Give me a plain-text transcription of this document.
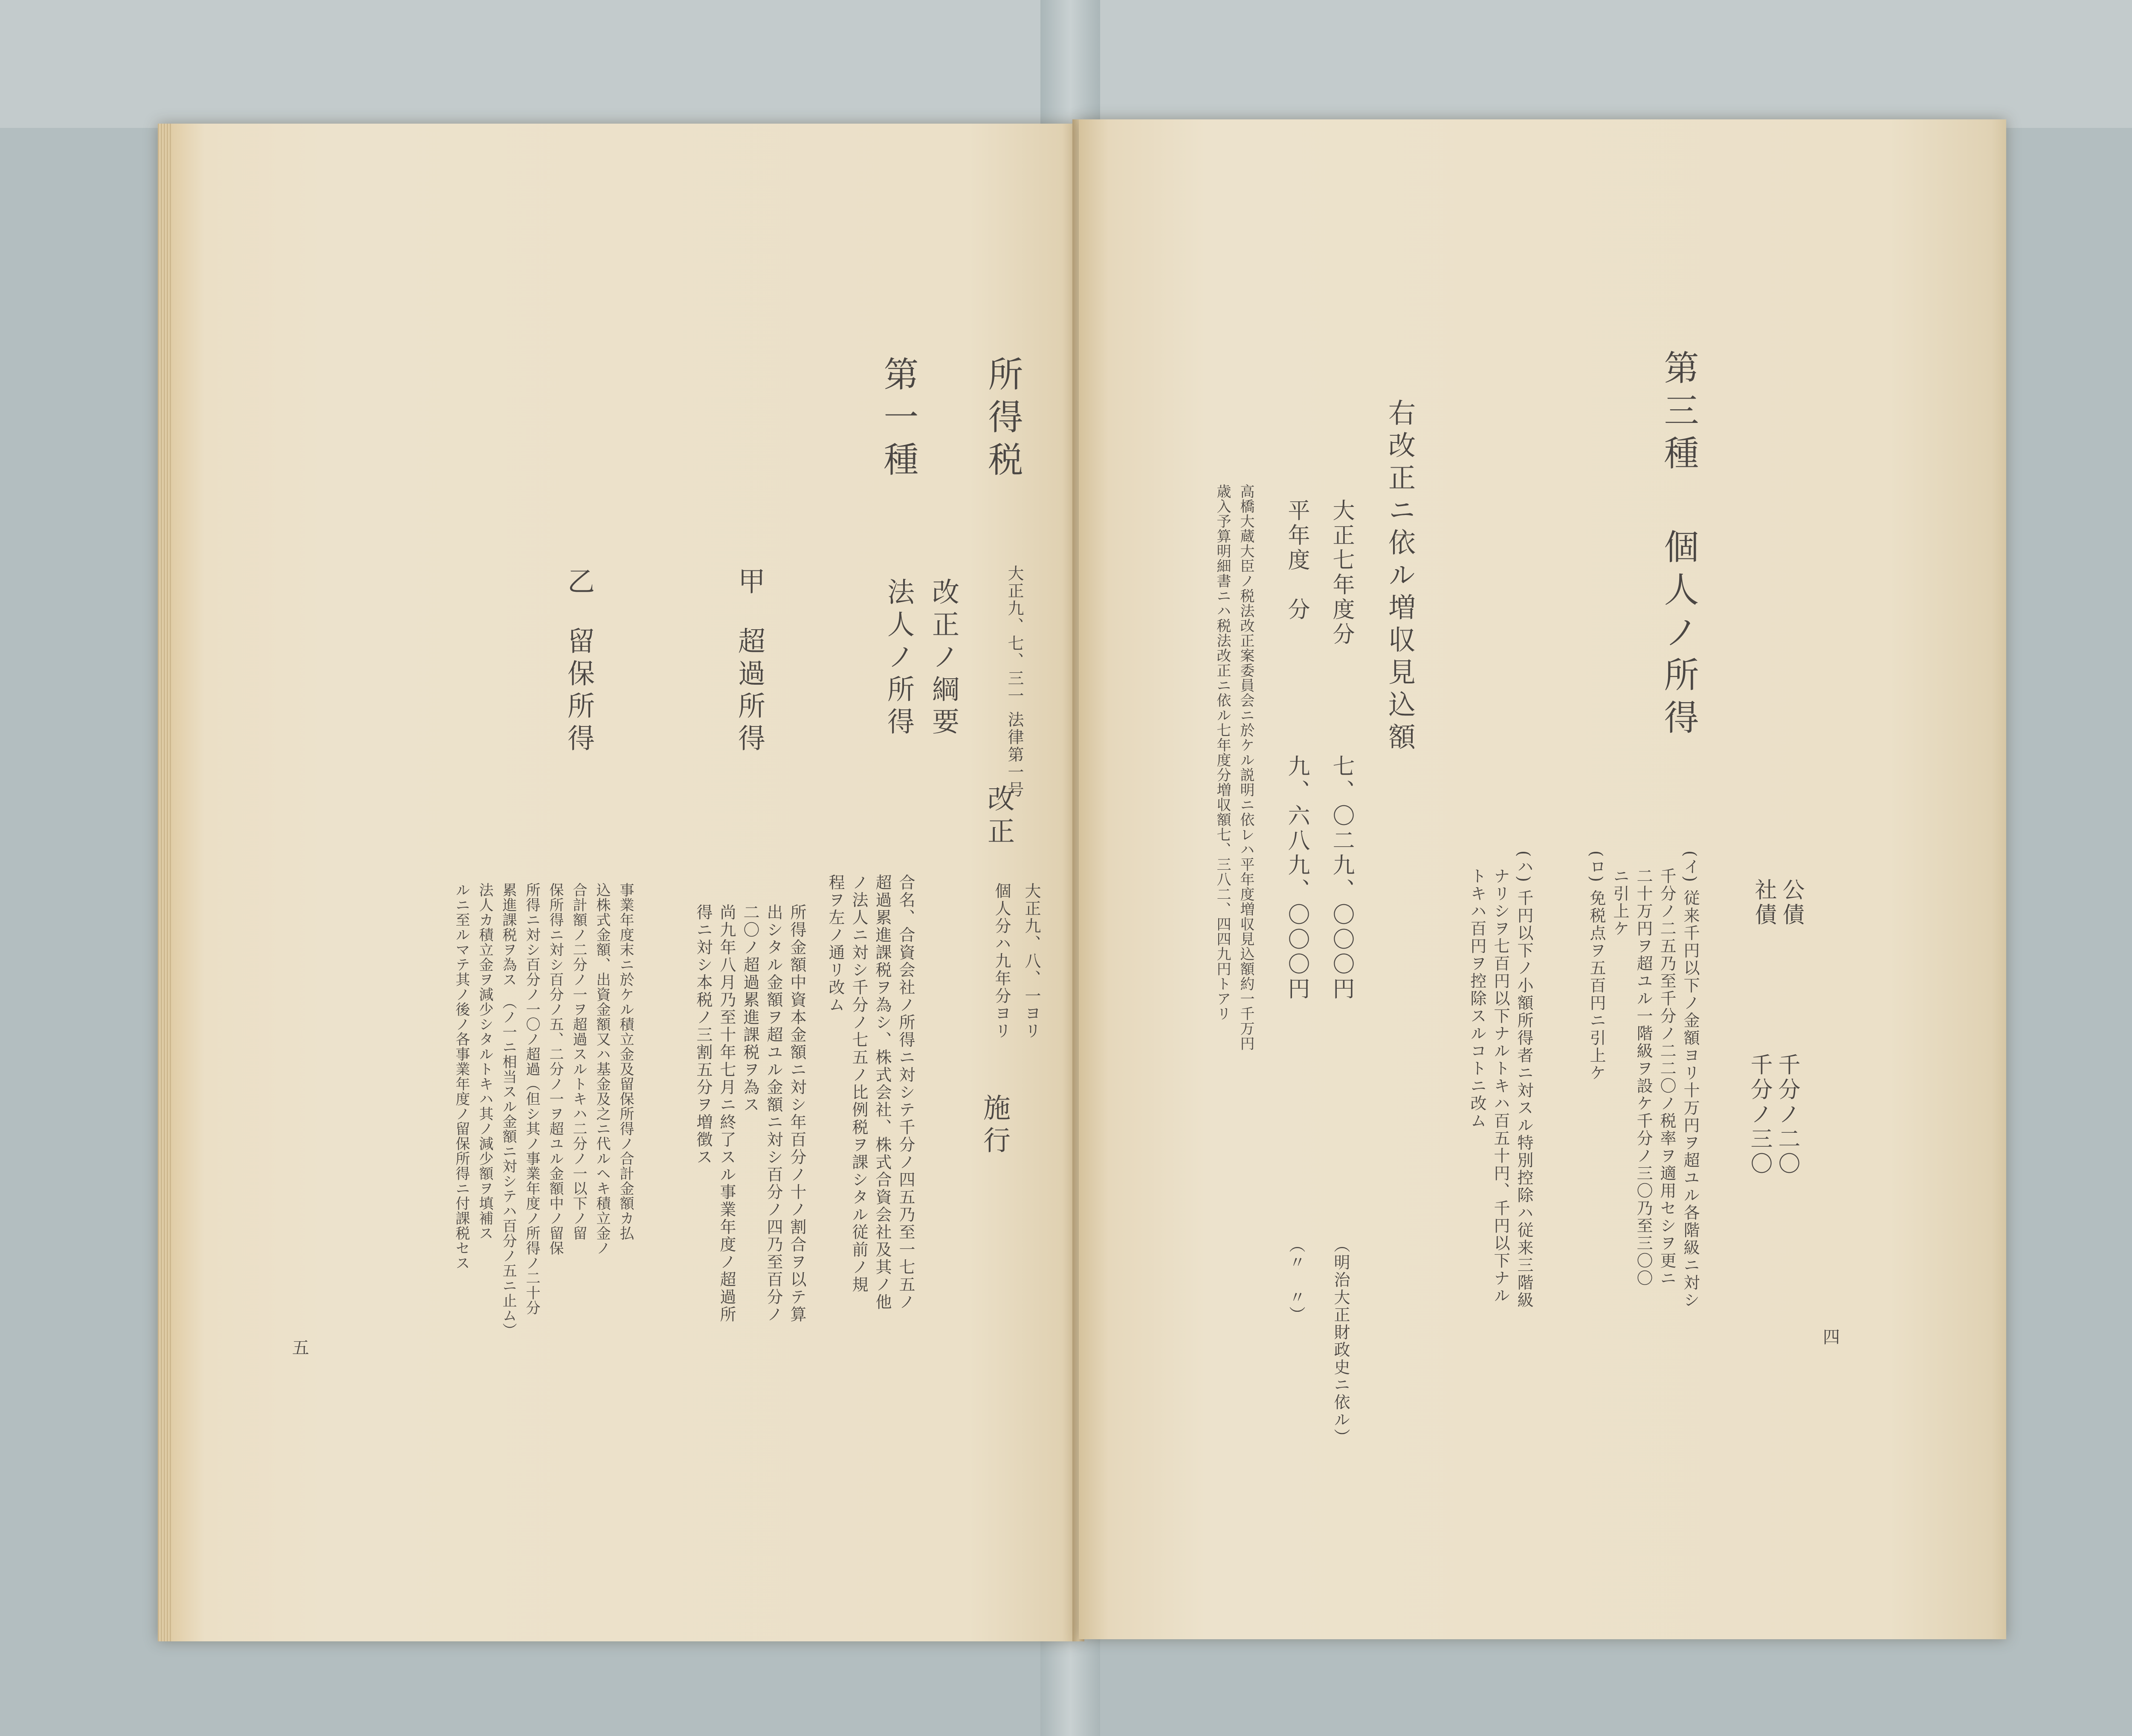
所得税
大正九、七、三一 法律第一号
改正
大正九、八、一ヨリ
個人分ハ九年分ヨリ
施行
改正ノ綱要
第一種
法人ノ所得
合名、合資会社ノ所得ニ対シテ千分ノ四五乃至一七五ノ
超過累進課税ヲ為シ、株式会社、株式合資会社及其ノ他
ノ法人ニ対シ千分ノ七五ノ比例税ヲ課シタル従前ノ規
程ヲ左ノ通リ改ム
甲
超過所得
所得金額中資本金額ニ対シ年百分ノ十ノ割合ヲ以テ算
出シタル金額ヲ超ユル金額ニ対シ百分ノ四乃至百分ノ
二〇ノ超過累進課税ヲ為ス
尚九年八月乃至十年七月ニ終了スル事業年度ノ超過所
得ニ対シ本税ノ三割五分ヲ増徴ス
乙
留保所得
事業年度末ニ於ケル積立金及留保所得ノ合計金額カ払
込株式金額、出資金額又ハ基金及之ニ代ルヘキ積立金ノ
合計額ノ二分ノ一ヲ超過スルトキハ二分ノ一以下ノ留
保所得ニ対シ百分ノ五、二分ノ一ヲ超ユル金額中ノ留保
所得ニ対シ百分ノ一〇ノ超過（但シ其ノ事業年度ノ所得ノ二十分
累進課税ヲ為ス　（ノ一ニ相当スル金額ニ対シテハ百分ノ五ニ止ム）
法人カ積立金ヲ減少シタルトキハ其ノ減少額ヲ填補ス
ルニ至ルマテ其ノ後ノ各事業年度ノ留保所得ニ付課税セス
五
第三種
個人ノ所得
公債
社債
千分ノ二〇
千分ノ三〇
(イ) 従来千円以下ノ金額ヨリ十万円ヲ超ユル各階級ニ対シ
千分ノ二五乃至千分ノ二二〇ノ税率ヲ適用セシヲ更ニ
二十万円ヲ超ユル一階級ヲ設ケ千分ノ三〇乃至三〇〇
ニ引上ケ
(ロ) 免税点ヲ五百円ニ引上ケ
(ハ) 千円以下ノ小額所得者ニ対スル特別控除ハ従来三階級
ナリシヲ七百円以下ナルトキハ百五十円、千円以下ナル
トキハ百円ヲ控除スルコトニ改ム
右改正ニ依ル増収見込額
大正七年度分
七、〇二九、〇〇〇円
（明治大正財政史ニ依ル）
平年度　分
九、六八九、〇〇〇円
（〃　〃）
高橋大蔵大臣ノ税法改正案委員会ニ於ケル説明ニ依レハ平年度増収見込額約一千万円
歳入予算明細書ニハ税法改正ニ依ル七年度分増収額七、三八二、四四九円トアリ
四
